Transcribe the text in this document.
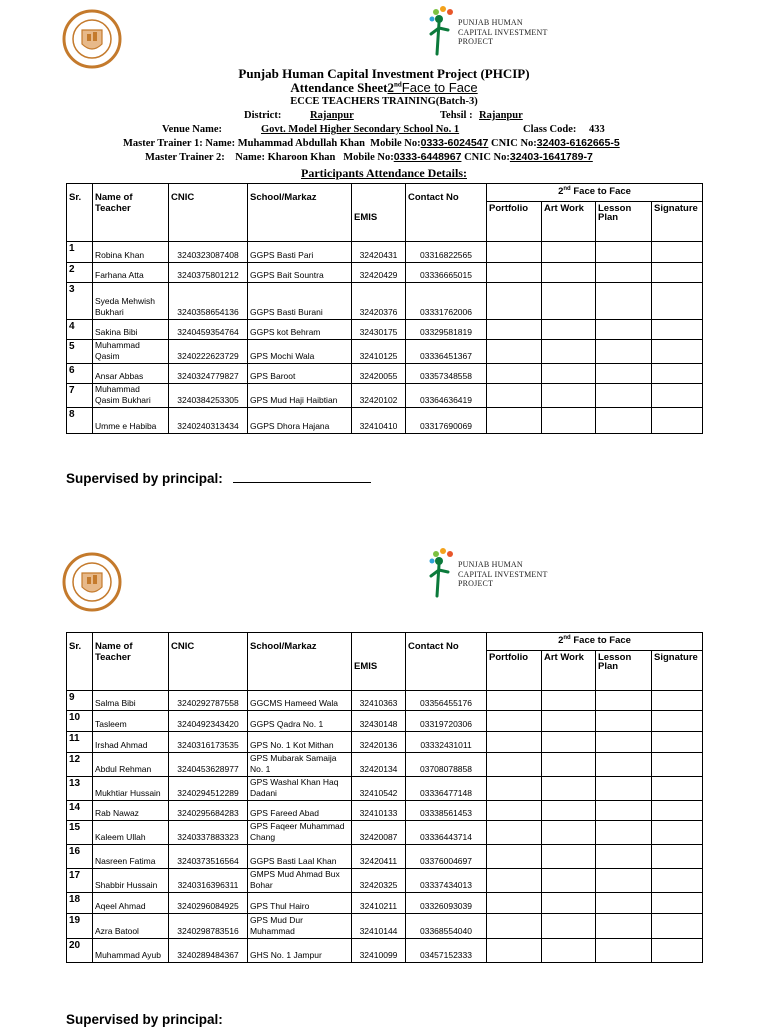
PUNJAB HUMAN
CAPITAL INVESTMENT
PROJECT
Punjab Human Capital Investment Project (PHCIP)
Attendance Sheet2ndFace to Face
ECCE TEACHERS TRAINING(Batch-3)
District:	Rajanpur	Tehsil : Rajanpur
Venue Name:	Govt. Model Higher Secondary School No. 1	Class Code: 433
Master Trainer 1: Name: Muhammad Abdullah Khan Mobile No:0333-6024547 CNIC No:32403-6162665-5
Master Trainer 2: Name: Kharoon Khan Mobile No:0333-6448967 CNIC No:32403-1641789-7
Participants Attendance Details:
Sr.	Name of Teacher	CNIC	School/Markaz	EMIS	Contact No	2nd Face to Face			
						Portfolio	Art Work	Lesson Plan	Signature
1	Robina Khan	3240323087408	GGPS Basti Pari	32420431	03316822565				
2	Farhana Atta	3240375801212	GGPS Bait Sountra	32420429	03336665015				
3	Syeda Mehwish Bukhari	3240358654136	GGPS Basti Burani	32420376	03331762006				
4	Sakina Bibi	3240459354764	GGPS kot Behram	32430175	03329581819				
5	Muhammad Qasim	3240222623729	GPS Mochi Wala	32410125	03336451367				
6	Ansar Abbas	3240324779827	GPS Baroot	32420055	03357348558				
7	Muhammad Qasim Bukhari	3240384253305	GPS Mud Haji Haibtian	32420102	03364636419				
8	Umme e Habiba	3240240313434	GGPS Dhora Hajana	32410410	03317690069				
Supervised by principal:
PUNJAB HUMAN
CAPITAL INVESTMENT
PROJECT
Sr.	Name of Teacher	CNIC	School/Markaz	EMIS	Contact No	2nd Face to Face			
						Portfolio	Art Work	Lesson Plan	Signature
9	Salma Bibi	3240292787558	GGCMS Hameed Wala	32410363	03356455176				
10	Tasleem	3240492343420	GGPS Qadra No. 1	32430148	03319720306				
11	Irshad Ahmad	3240316173535	GPS No. 1 Kot Mithan	32420136	03332431011				
12	Abdul Rehman	3240453628977	GPS Mubarak Samaija No. 1	32420134	03708078858				
13	Mukhtiar Hussain	3240294512289	GPS Washal Khan Haq Dadani	32410542	03336477148				
14	Rab Nawaz	3240295684283	GPS Fareed Abad	32410133	03338561453				
15	Kaleem Ullah	3240337883323	GPS Faqeer Muhammad Chang	32420087	03336443714				
16	Nasreen Fatima	3240373516564	GGPS Basti Laal Khan	32420411	03376004697				
17	Shabbir Hussain	3240316396311	GMPS Mud Ahmad Bux Bohar	32420325	03337434013				
18	Aqeel Ahmad	3240296084925	GPS Thul Hairo	32410211	03326093039				
19	Azra Batool	3240298783516	GPS Mud Dur Muhammad	32410144	03368554040				
20	Muhammad Ayub	3240289484367	GHS No. 1 Jampur	32410099	03457152333				
Supervised by principal:
